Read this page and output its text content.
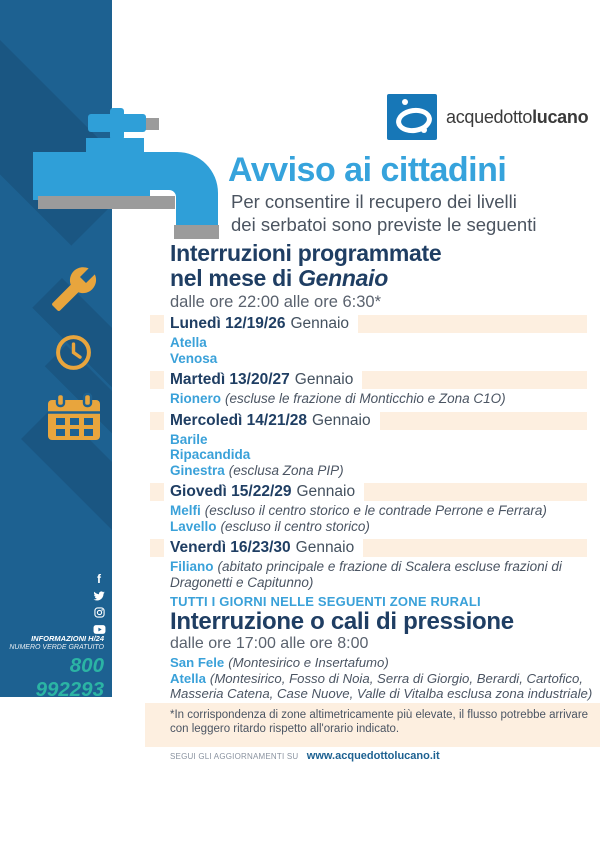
f
INFORMAZIONI H/24
NUMERO VERDE GRATUITO
800 992293
acquedottolucano
Avviso ai cittadini
Per consentire il recupero dei livelli
dei serbatoi sono previste le seguenti
Interruzioni programmate
nel mese di Gennaio
dalle ore 22:00 alle ore 6:30*
Lunedì 12/19/26 Gennaio
Atella
Venosa
Martedì 13/20/27 Gennaio
Rionero (escluse le frazione di Monticchio e Zona C1O)
Mercoledì 14/21/28 Gennaio
Barile
Ripacandida
Ginestra (esclusa Zona PIP)
Giovedì 15/22/29 Gennaio
Melfi (escluso il centro storico e le contrade Perrone e Ferrara)
Lavello (escluso il centro storico)
Venerdì 16/23/30 Gennaio
Filiano (abitato principale e frazione di Scalera escluse frazioni di Dragonetti e Capitunno)
TUTTI I GIORNI NELLE SEGUENTI ZONE RURALI
Interruzione o cali di pressione
dalle ore 17:00 alle ore 8:00
San Fele (Montesirico e Insertafumo)
Atella (Montesirico, Fosso di Noia, Serra di Giorgio, Berardi, Cartofico, Masseria Catena, Case Nuove, Valle di Vitalba esclusa zona industriale)
*In corrispondenza di zone altimetricamente più elevate, il flusso potrebbe arrivare con leggero ritardo rispetto all'orario indicato.
SEGUI GLI AGGIORNAMENTI SU www.acquedottolucano.it
